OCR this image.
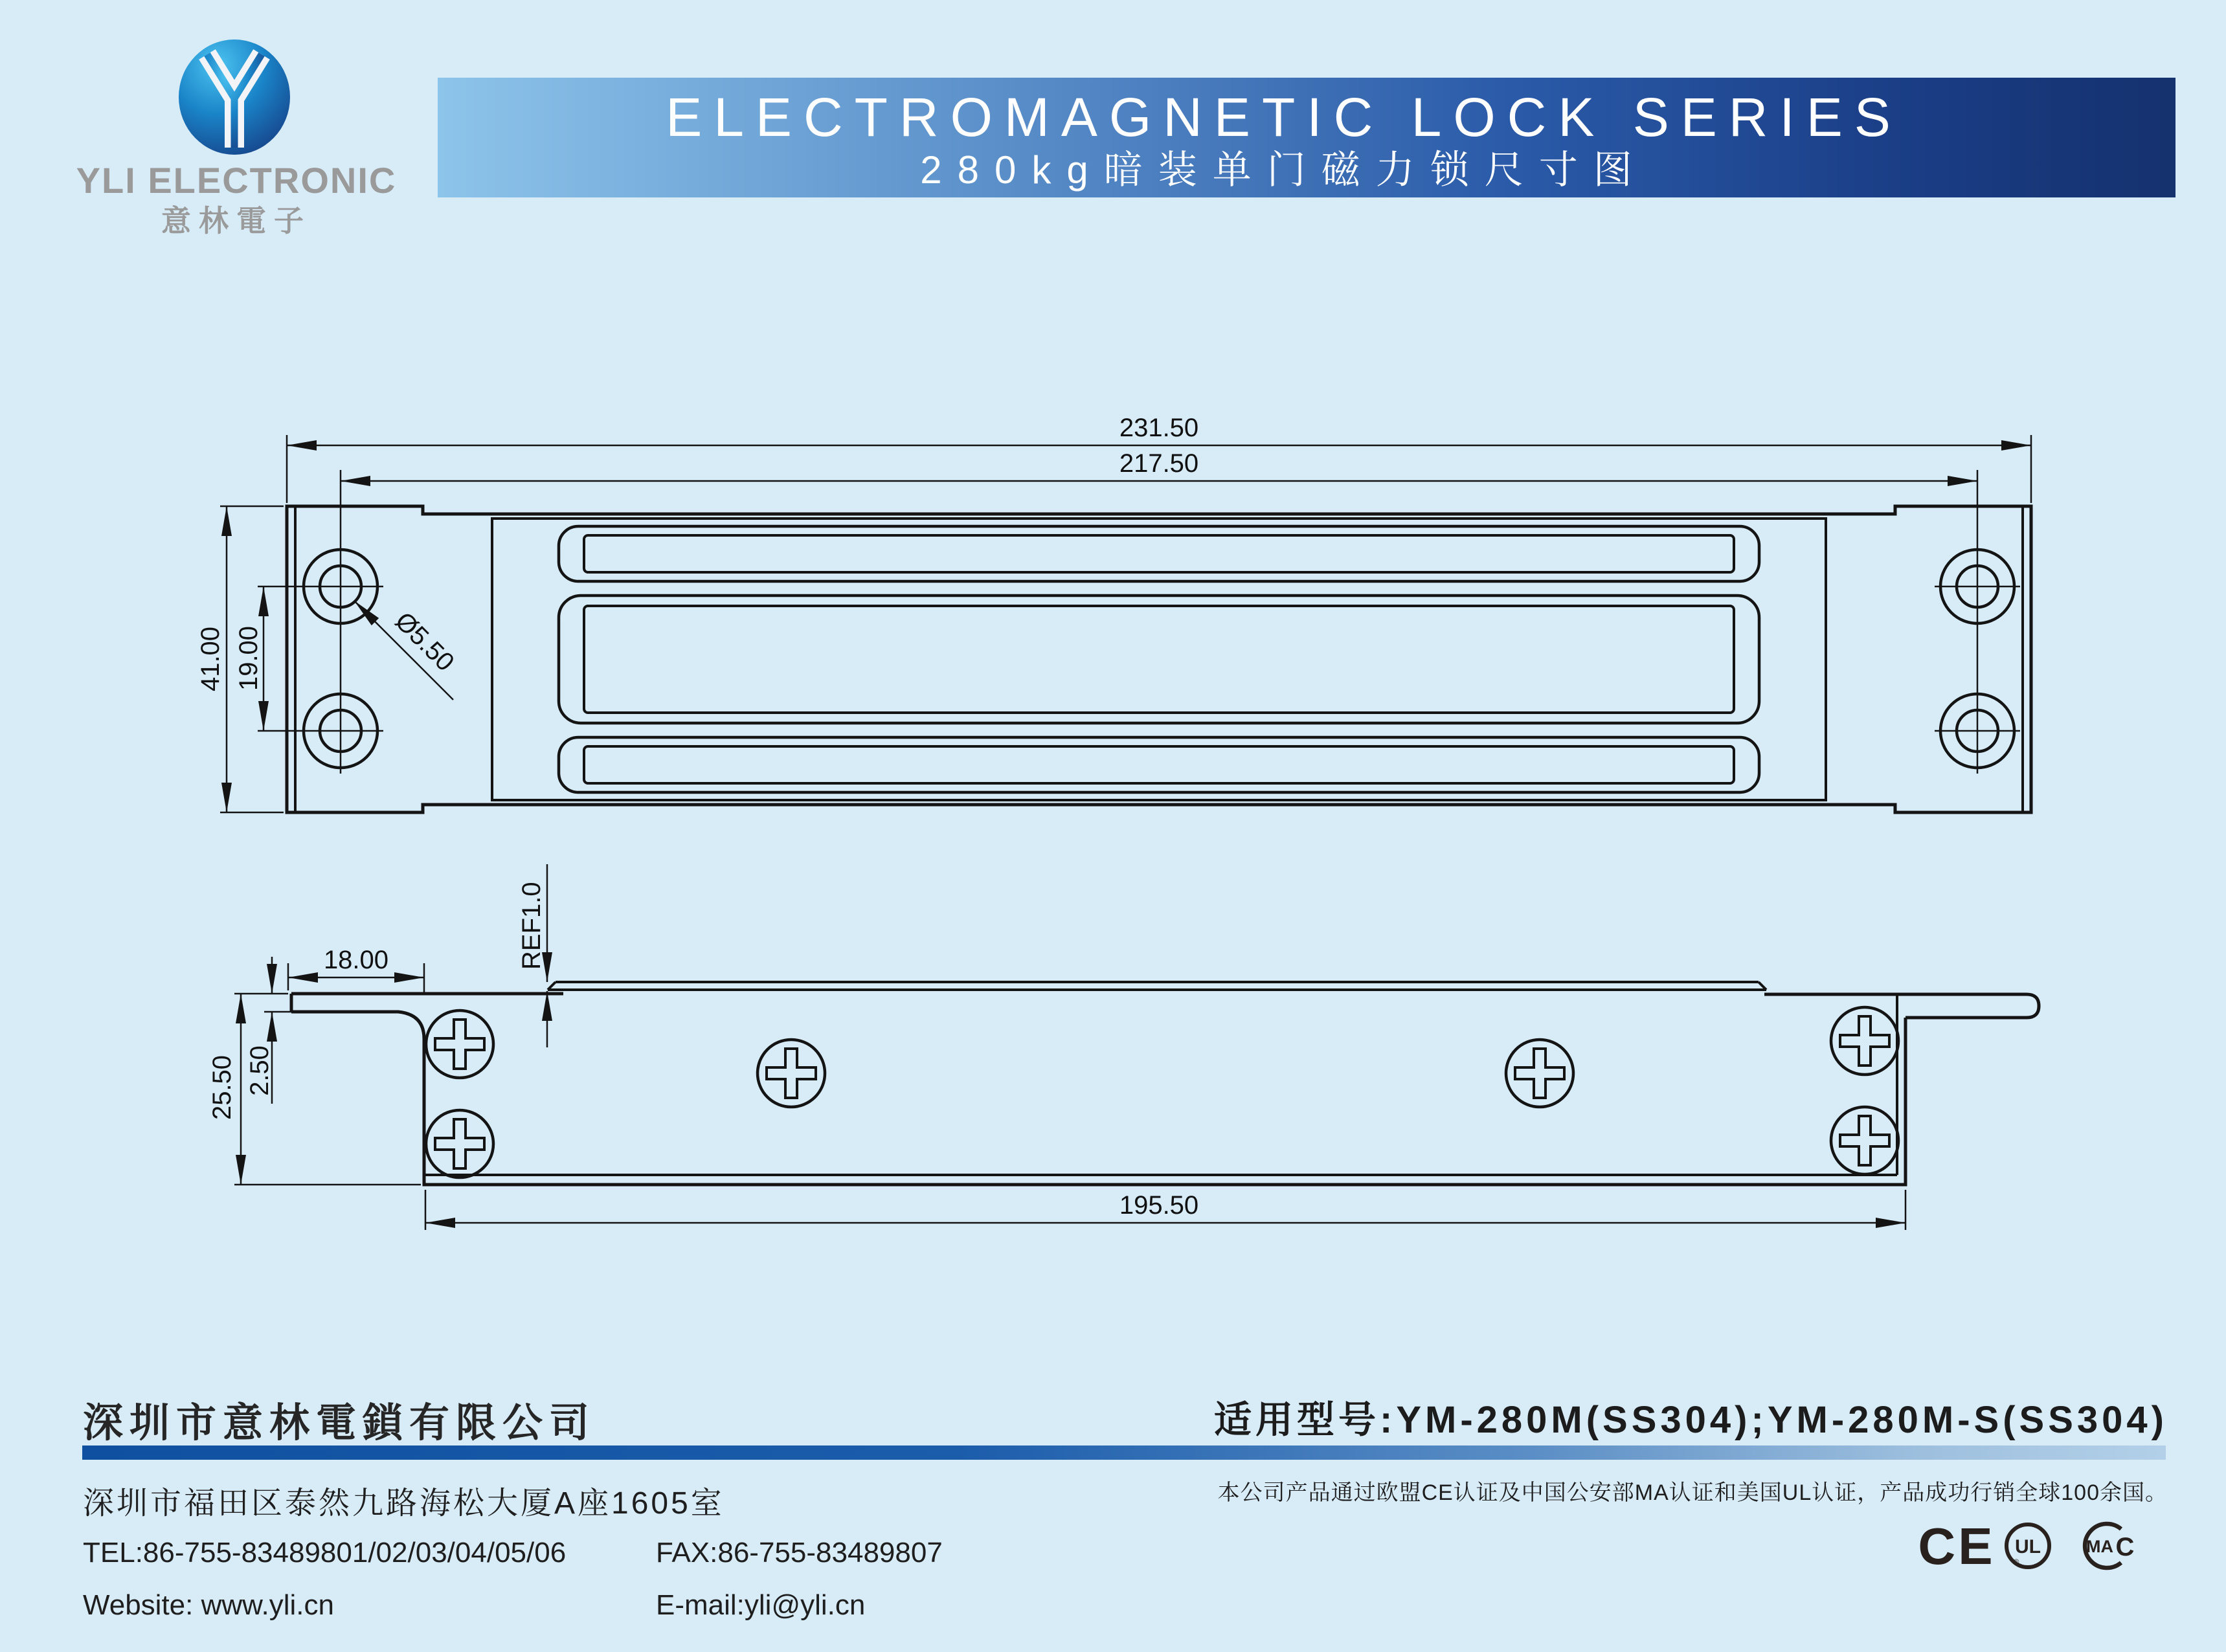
YLI ELECTRONIC
意林電子
ELECTROMAGNETIC LOCK SERIES
280kg暗装单门磁力锁尺寸图
231.50
217.50
41.00 19.00	Ø5.50
18.00
2.50
25.50
195.50
REF1.0
深圳市意林電鎖有限公司	适用型号:YM-280M(SS304);YM-280M-S(SS304)
深圳市福田区泰然九路海松大厦A座1605室	本公司产品通过欧盟CE认证及中国公安部MA认证和美国UL认证，产品成功行销全球100余国。
TEL:86-755-83489801/02/03/04/05/06	FAX:86-755-83489807
Website: www.yli.cn	E-mail:yli@yli.cn
CE UL
®
MA C
